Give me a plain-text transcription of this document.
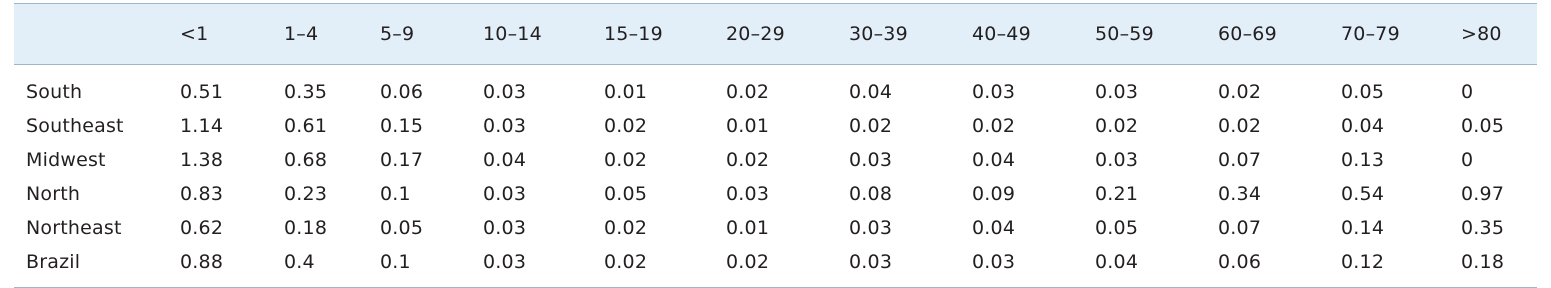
	<1	1–4	5–9	10–14	15–19	20–29	30–39	40–49	50–59	60–69	70–79	>80
South	0.51	0.35	0.06	0.03	0.01	0.02	0.04	0.03	0.03	0.02	0.05	0
Southeast	1.14	0.61	0.15	0.03	0.02	0.01	0.02	0.02	0.02	0.02	0.04	0.05
Midwest	1.38	0.68	0.17	0.04	0.02	0.02	0.03	0.04	0.03	0.07	0.13	0
North	0.83	0.23	0.1	0.03	0.05	0.03	0.08	0.09	0.21	0.34	0.54	0.97
Northeast	0.62	0.18	0.05	0.03	0.02	0.01	0.03	0.04	0.05	0.07	0.14	0.35
Brazil	0.88	0.4	0.1	0.03	0.02	0.02	0.03	0.03	0.04	0.06	0.12	0.18
